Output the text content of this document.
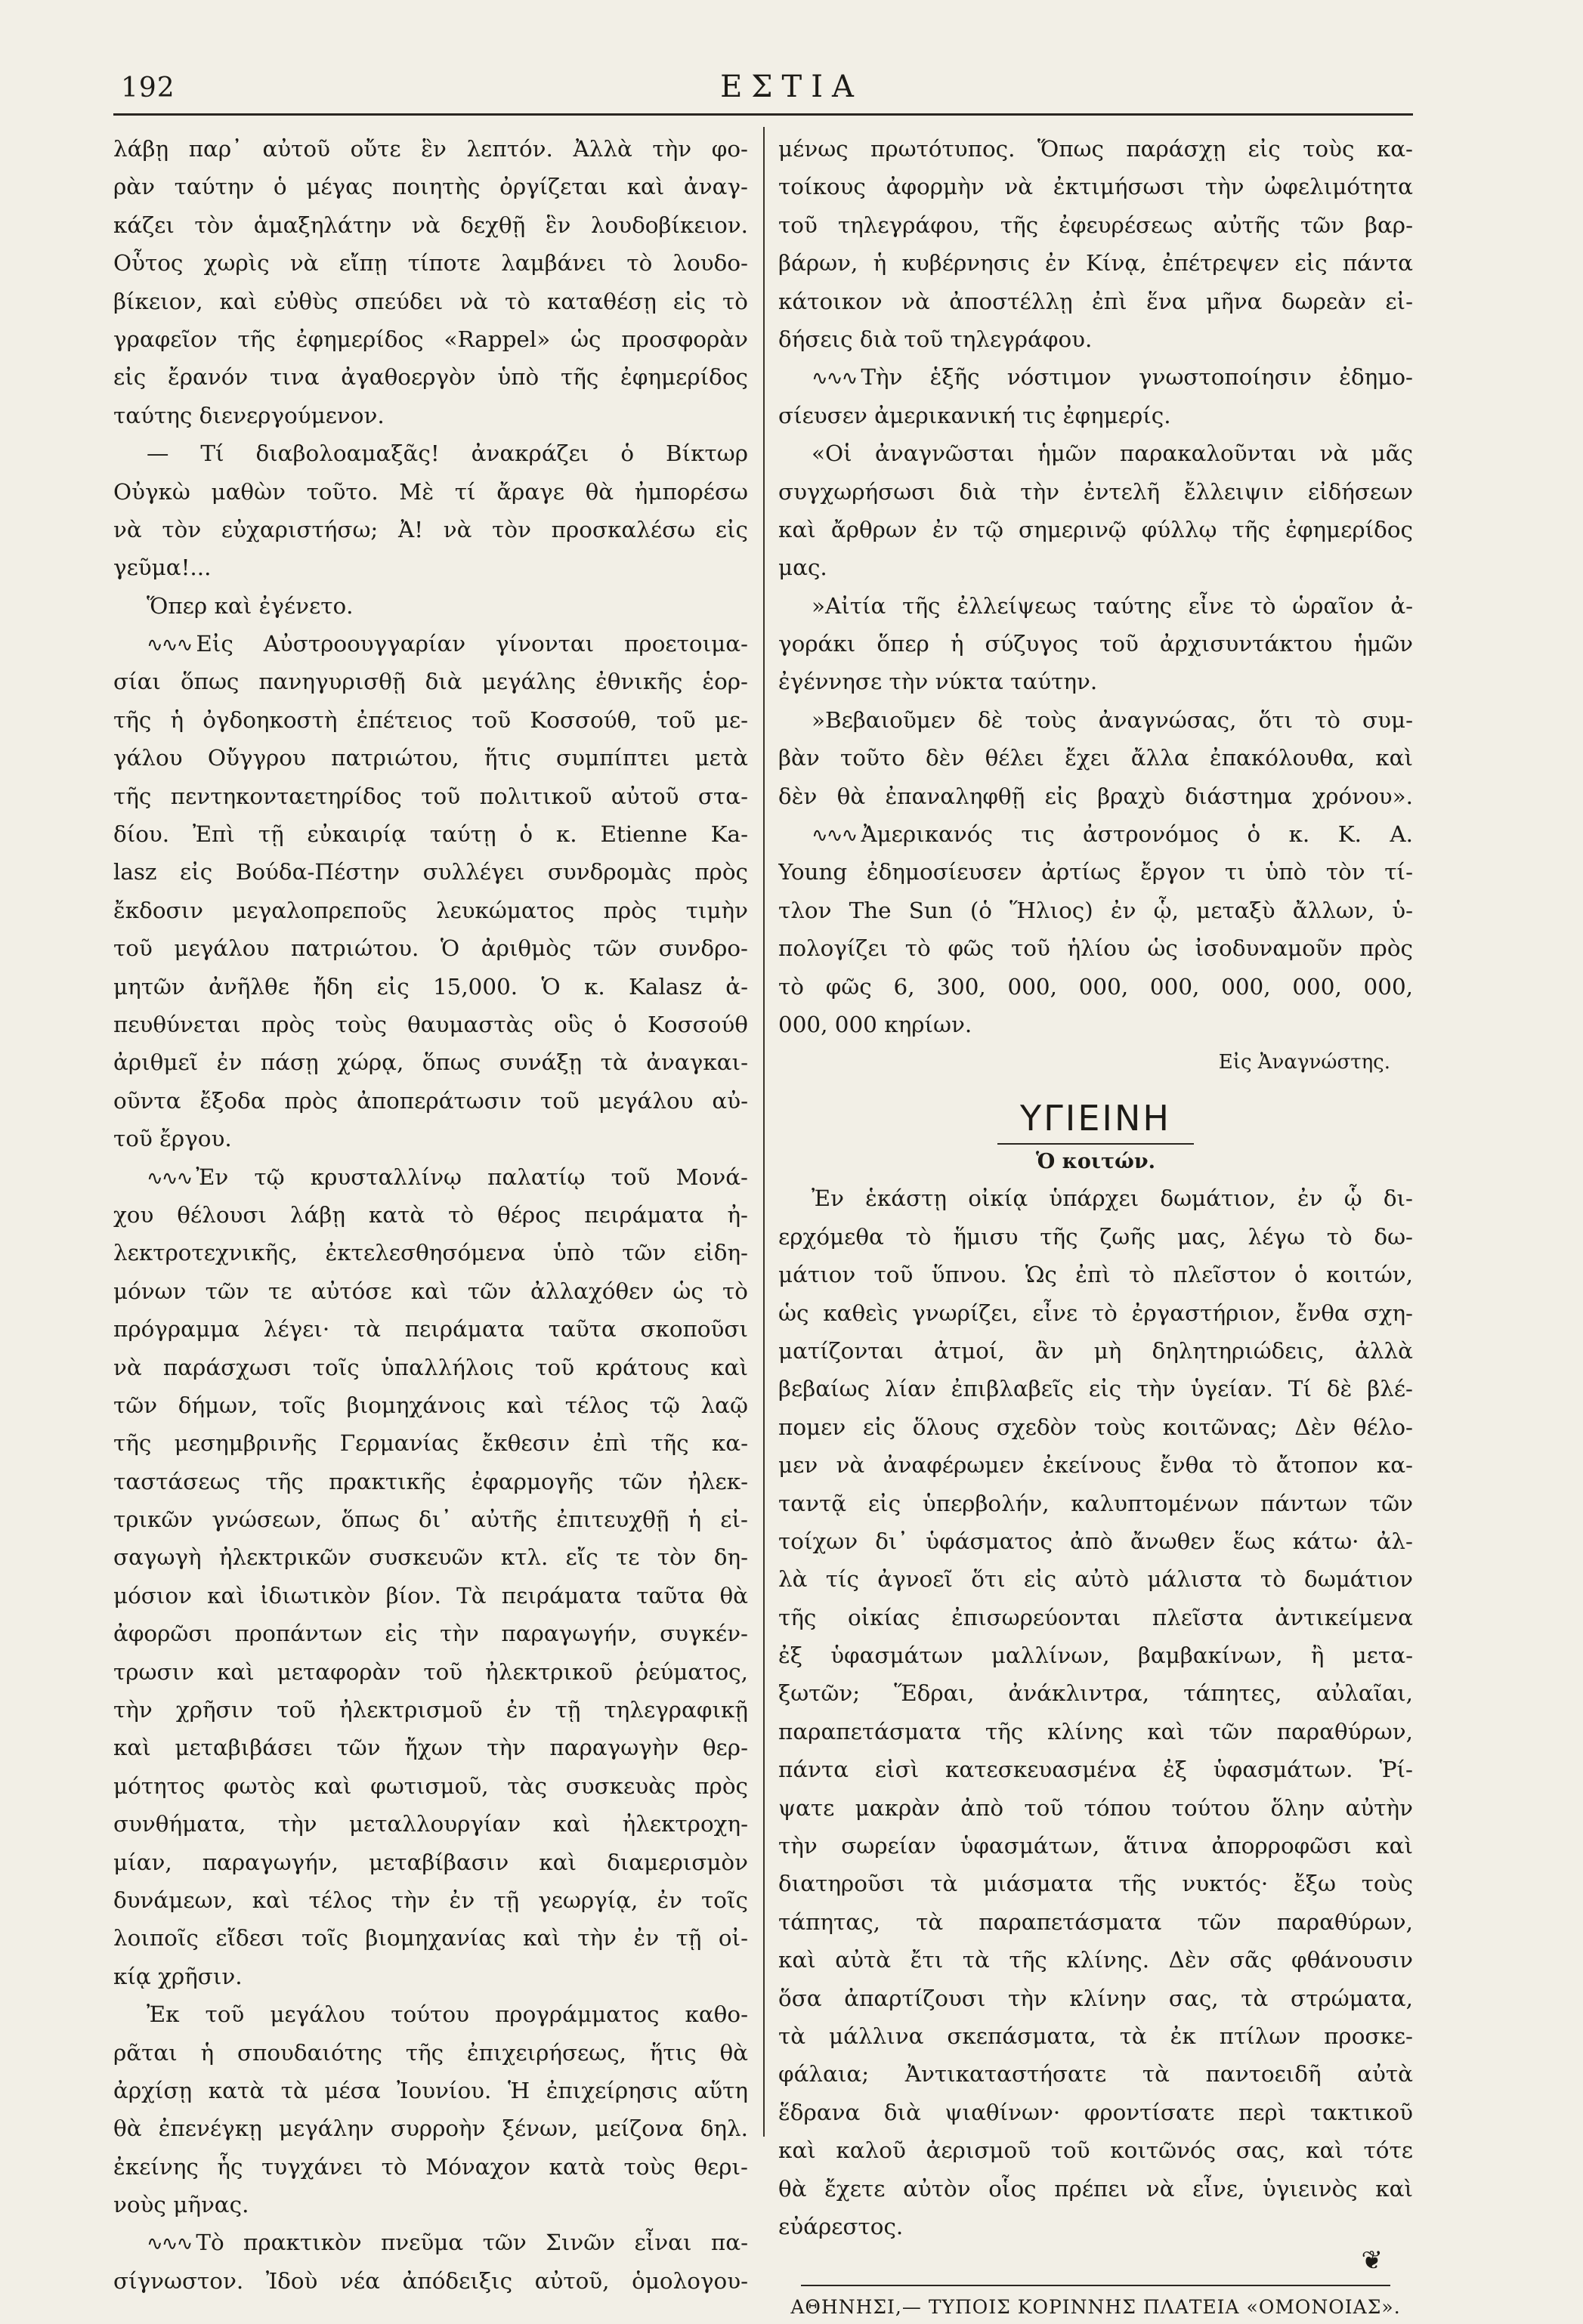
192	ΕΣΤΙΑ
λάβῃ παρ᾽ αὐτοῦ οὔτε ἓν λεπτόν. Ἀλλὰ τὴν φο-
ρὰν ταύτην ὁ μέγας ποιητὴς ὀργίζεται καὶ ἀναγ-
κάζει τὸν ἁμαξηλάτην νὰ δεχθῇ ἓν λουδοβίκειον.
Οὗτος χωρὶς νὰ εἴπῃ τίποτε λαμβάνει τὸ λουδο-
βίκειον, καὶ εὐθὺς σπεύδει νὰ τὸ καταθέσῃ εἰς τὸ
γραφεῖον τῆς ἐφημερίδος «Rappel» ὡς προσφορὰν
εἰς ἔρανόν τινα ἀγαθοεργὸν ὑπὸ τῆς ἐφημερίδος
ταύτης διενεργούμενον.
— Τί διαβολοαμαξᾶς! ἀνακράζει ὁ Βίκτωρ
Οὐγκὼ μαθὼν τοῦτο. Μὲ τί ἄραγε θὰ ἠμπορέσω
νὰ τὸν εὐχαριστήσω; Ἀ! νὰ τὸν προσκαλέσω εἰς
γεῦμα!...
Ὅπερ καὶ ἐγένετο.
∿∿∿ Εἰς Αὐστροουγγαρίαν γίνονται προετοιμα-
σίαι ὅπως πανηγυρισθῇ διὰ μεγάλης ἐθνικῆς ἑορ-
τῆς ἡ ὀγδοηκοστὴ ἐπέτειος τοῦ Κοσσούθ, τοῦ με-
γάλου Οὔγγρου πατριώτου, ἥτις συμπίπτει μετὰ
τῆς πεντηκονταετηρίδος τοῦ πολιτικοῦ αὐτοῦ στα-
δίου. Ἐπὶ τῇ εὐκαιρίᾳ ταύτῃ ὁ κ. Etienne Ka-
lasz εἰς Βούδα-Πέστην συλλέγει συνδρομὰς πρὸς
ἔκδοσιν μεγαλοπρεποῦς λευκώματος πρὸς τιμὴν
τοῦ μεγάλου πατριώτου. Ὁ ἀριθμὸς τῶν συνδρο-
μητῶν ἀνῆλθε ἤδη εἰς 15,000. Ὁ κ. Kalasz ἀ-
πευθύνεται πρὸς τοὺς θαυμαστὰς οὓς ὁ Κοσσούθ
ἀριθμεῖ ἐν πάσῃ χώρᾳ, ὅπως συνάξῃ τὰ ἀναγκαι-
οῦντα ἔξοδα πρὸς ἀποπεράτωσιν τοῦ μεγάλου αὐ-
τοῦ ἔργου.
∿∿∿ Ἐν τῷ κρυσταλλίνῳ παλατίῳ τοῦ Μονά-
χου θέλουσι λάβῃ κατὰ τὸ θέρος πειράματα ἠ-
λεκτροτεχνικῆς, ἐκτελεσθησόμενα ὑπὸ τῶν εἰδη-
μόνων τῶν τε αὐτόσε καὶ τῶν ἀλλαχόθεν ὡς τὸ
πρόγραμμα λέγει· τὰ πειράματα ταῦτα σκοποῦσι
νὰ παράσχωσι τοῖς ὑπαλλήλοις τοῦ κράτους καὶ
τῶν δήμων, τοῖς βιομηχάνοις καὶ τέλος τῷ λαῷ
τῆς μεσημβρινῆς Γερμανίας ἔκθεσιν ἐπὶ τῆς κα-
ταστάσεως τῆς πρακτικῆς ἐφαρμογῆς τῶν ἠλεκ-
τρικῶν γνώσεων, ὅπως δι᾽ αὐτῆς ἐπιτευχθῇ ἡ εἰ-
σαγωγὴ ἠλεκτρικῶν συσκευῶν κτλ. εἴς τε τὸν δη-
μόσιον καὶ ἰδιωτικὸν βίον. Τὰ πειράματα ταῦτα θὰ
ἀφορῶσι προπάντων εἰς τὴν παραγωγήν, συγκέν-
τρωσιν καὶ μεταφορὰν τοῦ ἠλεκτρικοῦ ῥεύματος,
τὴν χρῆσιν τοῦ ἠλεκτρισμοῦ ἐν τῇ τηλεγραφικῇ
καὶ μεταβιβάσει τῶν ἤχων τὴν παραγωγὴν θερ-
μότητος φωτὸς καὶ φωτισμοῦ, τὰς συσκευὰς πρὸς
συνθήματα, τὴν μεταλλουργίαν καὶ ἠλεκτροχη-
μίαν, παραγωγήν, μεταβίβασιν καὶ διαμερισμὸν
δυνάμεων, καὶ τέλος τὴν ἐν τῇ γεωργίᾳ, ἐν τοῖς
λοιποῖς εἴδεσι τοῖς βιομηχανίας καὶ τὴν ἐν τῇ οἰ-
κίᾳ χρῆσιν.
Ἐκ τοῦ μεγάλου τούτου προγράμματος καθο-
ρᾶται ἡ σπουδαιότης τῆς ἐπιχειρήσεως, ἥτις θὰ
ἀρχίσῃ κατὰ τὰ μέσα Ἰουνίου. Ἡ ἐπιχείρησις αὕτη
θὰ ἐπενέγκῃ μεγάλην συρροὴν ξένων, μείζονα δηλ.
ἐκείνης ἧς τυγχάνει τὸ Μόναχον κατὰ τοὺς θερι-
νοὺς μῆνας.
∿∿∿ Τὸ πρακτικὸν πνεῦμα τῶν Σινῶν εἶναι πα-
σίγνωστον. Ἰδοὺ νέα ἀπόδειξις αὐτοῦ, ὁμολογου-
μένως πρωτότυπος. Ὅπως παράσχῃ εἰς τοὺς κα-
τοίκους ἀφορμὴν νὰ ἐκτιμήσωσι τὴν ὠφελιμότητα
τοῦ τηλεγράφου, τῆς ἐφευρέσεως αὐτῆς τῶν βαρ-
βάρων, ἡ κυβέρνησις ἐν Κίνᾳ, ἐπέτρεψεν εἰς πάντα
κάτοικον νὰ ἀποστέλλῃ ἐπὶ ἕνα μῆνα δωρεὰν εἰ-
δήσεις διὰ τοῦ τηλεγράφου.
∿∿∿ Τὴν ἑξῆς νόστιμον γνωστοποίησιν ἐδημο-
σίευσεν ἀμερικανική τις ἐφημερίς.
«Οἱ ἀναγνῶσται ἡμῶν παρακαλοῦνται νὰ μᾶς
συγχωρήσωσι διὰ τὴν ἐντελῆ ἔλλειψιν εἰδήσεων
καὶ ἄρθρων ἐν τῷ σημερινῷ φύλλῳ τῆς ἐφημερίδος
μας.
»Αἰτία τῆς ἐλλείψεως ταύτης εἶνε τὸ ὡραῖον ἀ-
γοράκι ὅπερ ἡ σύζυγος τοῦ ἀρχισυντάκτου ἡμῶν
ἐγέννησε τὴν νύκτα ταύτην.
»Βεβαιοῦμεν δὲ τοὺς ἀναγνώσας, ὅτι τὸ συμ-
βὰν τοῦτο δὲν θέλει ἔχει ἄλλα ἐπακόλουθα, καὶ
δὲν θὰ ἐπαναληφθῇ εἰς βραχὺ διάστημα χρόνου».
∿∿∿ Ἀμερικανός τις ἀστρονόμος ὁ κ. Κ. Α.
Young ἐδημοσίευσεν ἀρτίως ἔργον τι ὑπὸ τὸν τί-
τλον The Sun (ὁ Ἥλιος) ἐν ᾧ, μεταξὺ ἄλλων, ὑ-
πολογίζει τὸ φῶς τοῦ ἡλίου ὡς ἰσοδυναμοῦν πρὸς
τὸ φῶς 6, 300, 000, 000, 000, 000, 000, 000,
000, 000 κηρίων.
Εἰς Ἀναγνώστης.
ΥΓΙΕΙΝΗ
Ὁ κοιτών.
Ἐν ἑκάστῃ οἰκίᾳ ὑπάρχει δωμάτιον, ἐν ᾧ δι-
ερχόμεθα τὸ ἥμισυ τῆς ζωῆς μας, λέγω τὸ δω-
μάτιον τοῦ ὕπνου. Ὡς ἐπὶ τὸ πλεῖστον ὁ κοιτών,
ὡς καθεὶς γνωρίζει, εἶνε τὸ ἐργαστήριον, ἔνθα σχη-
ματίζονται ἀτμοί, ἂν μὴ δηλητηριώδεις, ἀλλὰ
βεβαίως λίαν ἐπιβλαβεῖς εἰς τὴν ὑγείαν. Τί δὲ βλέ-
πομεν εἰς ὅλους σχεδὸν τοὺς κοιτῶνας; Δὲν θέλο-
μεν νὰ ἀναφέρωμεν ἐκείνους ἔνθα τὸ ἄτοπον κα-
ταντᾷ εἰς ὑπερβολήν, καλυπτομένων πάντων τῶν
τοίχων δι᾽ ὑφάσματος ἀπὸ ἄνωθεν ἕως κάτω· ἀλ-
λὰ τίς ἀγνοεῖ ὅτι εἰς αὐτὸ μάλιστα τὸ δωμάτιον
τῆς οἰκίας ἐπισωρεύονται πλεῖστα ἀντικείμενα
ἐξ ὑφασμάτων μαλλίνων, βαμβακίνων, ἢ μετα-
ξωτῶν; Ἕδραι, ἀνάκλιντρα, τάπητες, αὐλαῖαι,
παραπετάσματα τῆς κλίνης καὶ τῶν παραθύρων,
πάντα εἰσὶ κατεσκευασμένα ἐξ ὑφασμάτων. Ῥί-
ψατε μακρὰν ἀπὸ τοῦ τόπου τούτου ὅλην αὐτὴν
τὴν σωρείαν ὑφασμάτων, ἅτινα ἀπορροφῶσι καὶ
διατηροῦσι τὰ μιάσματα τῆς νυκτός· ἔξω τοὺς
τάπητας, τὰ παραπετάσματα τῶν παραθύρων,
καὶ αὐτὰ ἔτι τὰ τῆς κλίνης. Δὲν σᾶς φθάνουσιν
ὅσα ἀπαρτίζουσι τὴν κλίνην σας, τὰ στρώματα,
τὰ μάλλινα σκεπάσματα, τὰ ἐκ πτίλων προσκε-
φάλαια; Ἀντικαταστήσατε τὰ παντοειδῆ αὐτὰ
ἕδρανα διὰ ψιαθίνων· φροντίσατε περὶ τακτικοῦ
καὶ καλοῦ ἀερισμοῦ τοῦ κοιτῶνός σας, καὶ τότε
θὰ ἔχετε αὐτὸν οἷος πρέπει νὰ εἶνε, ὑγιεινὸς καὶ
εὐάρεστος.
❦
ΑΘΗΝΗΣΙ,— ΤΥΠΟΙΣ ΚΟΡΙΝΝΗΣ ΠΛΑΤΕΙΑ «ΟΜΟΝΟΙΑΣ».
